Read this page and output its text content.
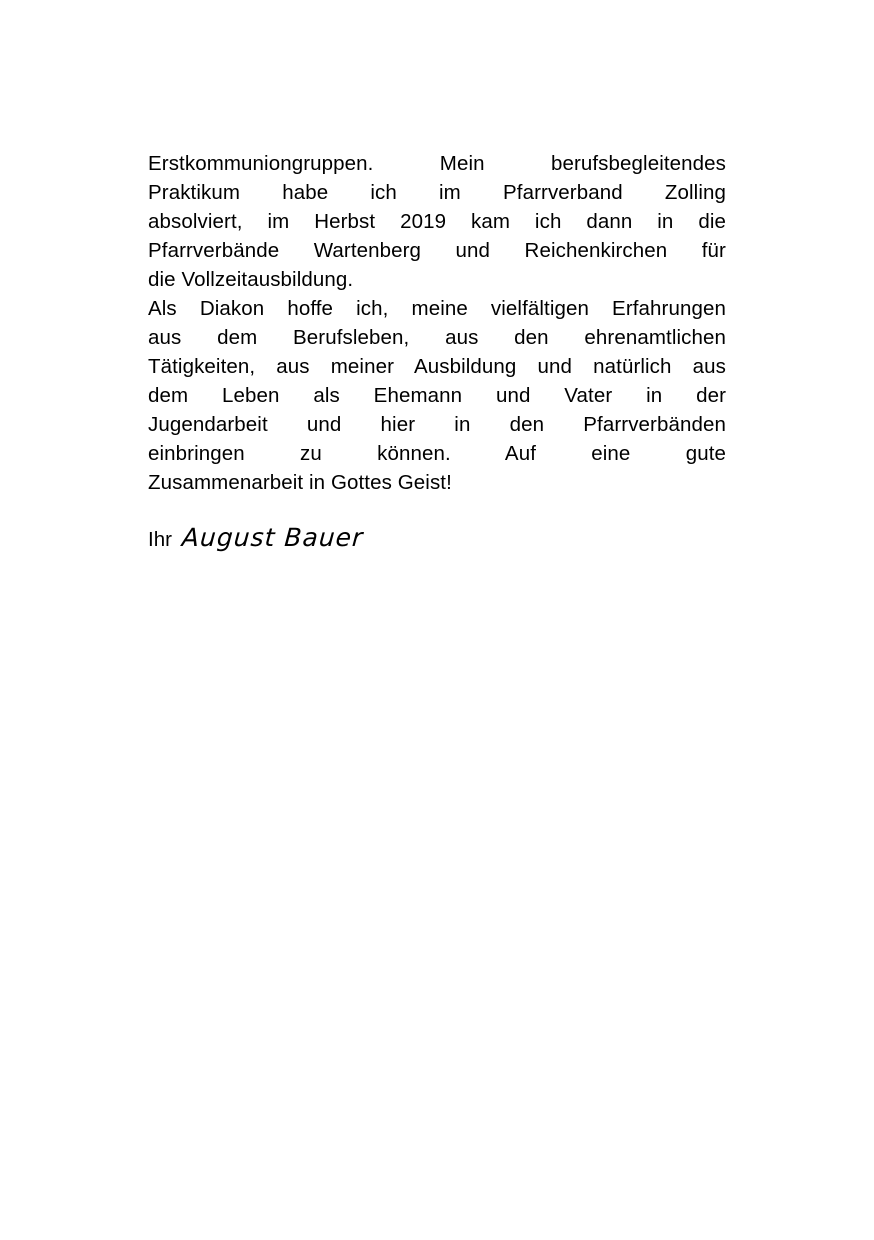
Erstkommuniongruppen. Mein berufsbegleitendes
Praktikum habe ich im Pfarrverband Zolling
absolviert, im Herbst 2019 kam ich dann in die
Pfarrverbände Wartenberg und Reichenkirchen für
die Vollzeitausbildung.
Als Diakon hoffe ich, meine vielfältigen Erfahrungen
aus dem Berufsleben, aus den ehrenamtlichen
Tätigkeiten, aus meiner Ausbildung und natürlich aus
dem Leben als Ehemann und Vater in der
Jugendarbeit und hier in den Pfarrverbänden
einbringen zu können. Auf eine gute
Zusammenarbeit in Gottes Geist!
Ihr August Bauer
